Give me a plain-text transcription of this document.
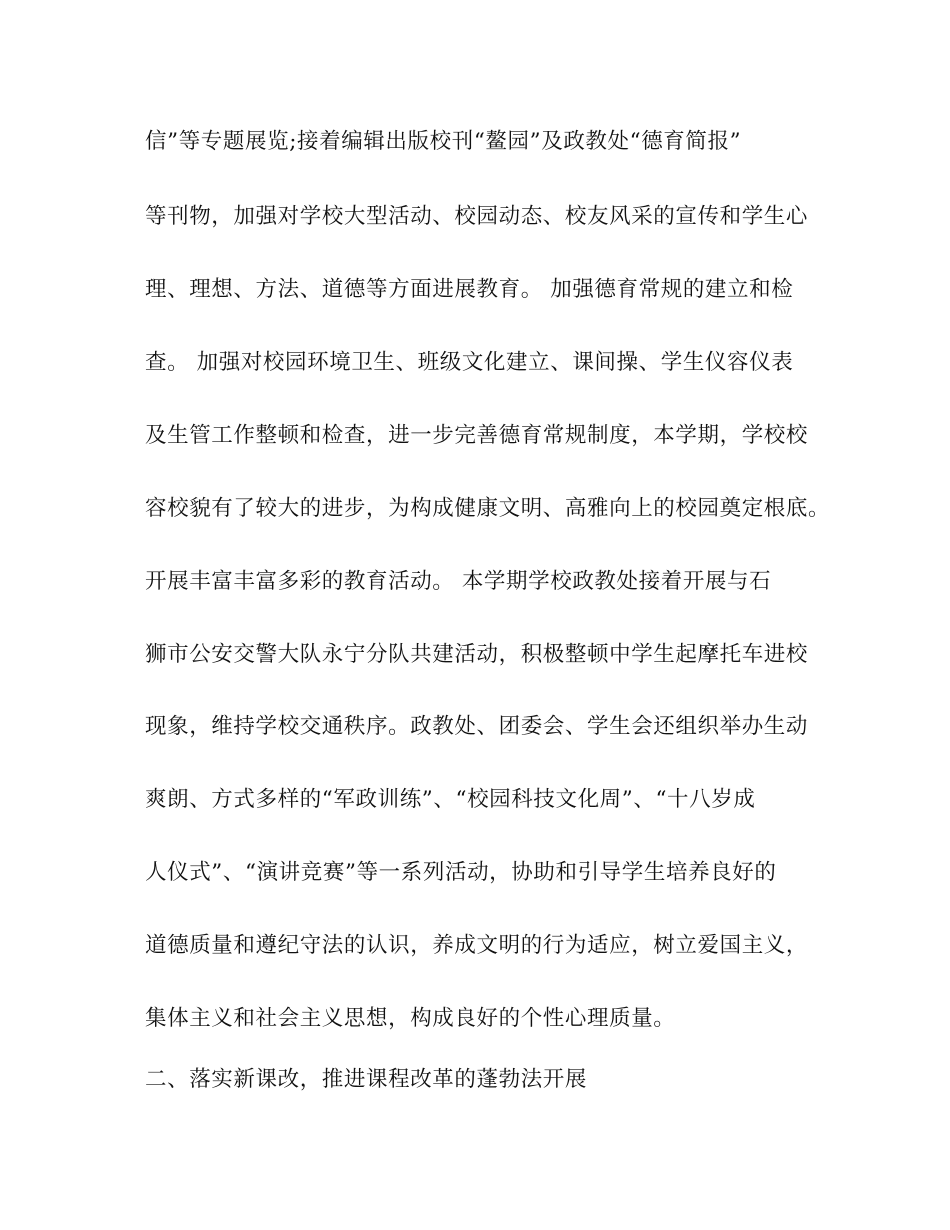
信”等专题展览;接着编辑出版校刊“鳌园”及政教处“德育简报”
等刊物，加强对学校大型活动、校园动态、校友风采的宣传和学生心
理、理想、方法、道德等方面进展教育。 加强德育常规的建立和检
查。 加强对校园环境卫生、班级文化建立、课间操、学生仪容仪表
及生管工作整顿和检查，进一步完善德育常规制度，本学期，学校校
容校貌有了较大的进步，为构成健康文明、高雅向上的校园奠定根底。
开展丰富丰富多彩的教育活动。 本学期学校政教处接着开展与石
狮市公安交警大队永宁分队共建活动，积极整顿中学生起摩托车进校
现象，维持学校交通秩序。政教处、团委会、学生会还组织举办生动
爽朗、方式多样的“军政训练”、“校园科技文化周”、“十八岁成
人仪式”、“演讲竞赛”等一系列活动，协助和引导学生培养良好的
道德质量和遵纪守法的认识，养成文明的行为适应，树立爱国主义，
集体主义和社会主义思想，构成良好的个性心理质量。
二、落实新课改，推进课程改革的蓬勃法开展
